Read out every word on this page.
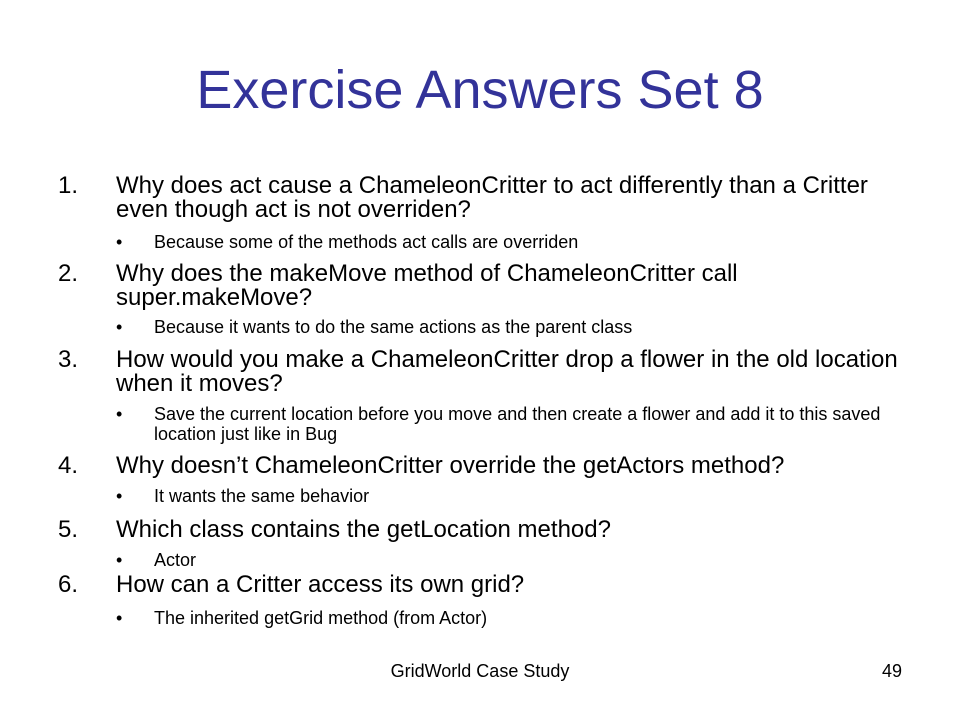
Exercise Answers Set 8
1. Why does act cause a ChameleonCritter to act differently than a Critter even though act is not overriden?
• Because some of the methods act calls are overriden
2. Why does the makeMove method of ChameleonCritter call super.makeMove?
• Because it wants to do the same actions as the parent class
3. How would you make a ChameleonCritter drop a flower in the old location when it moves?
• Save the current location before you move and then create a flower and add it to this saved location just like in Bug
4. Why doesn’t ChameleonCritter override the getActors method?
• It wants the same behavior
5. Which class contains the getLocation method?
• Actor
6. How can a Critter access its own grid?
• The inherited getGrid method (from Actor)
GridWorld Case Study	49
